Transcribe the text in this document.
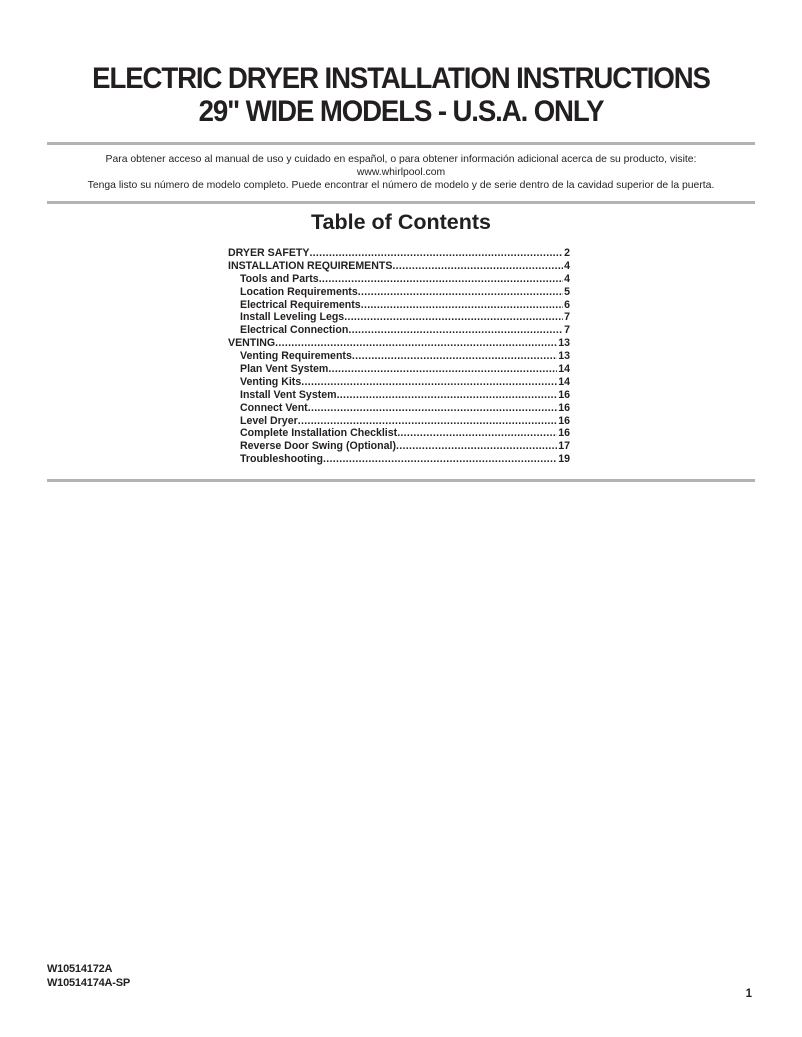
ELECTRIC DRYER INSTALLATION INSTRUCTIONS
29" WIDE MODELS - U.S.A. ONLY
Para obtener acceso al manual de uso y cuidado en español, o para obtener información adicional acerca de su producto, visite:
www.whirlpool.com
Tenga listo su número de modelo completo. Puede encontrar el número de modelo y de serie dentro de la cavidad superior de la puerta.
Table of Contents
DRYER SAFETY .....	2
INSTALLATION REQUIREMENTS .....	4
Tools and Parts .....	4
Location Requirements .....	5
Electrical Requirements .....	6
Install Leveling Legs .....	7
Electrical Connection .....	7
VENTING .....	13
Venting Requirements .....	13
Plan Vent System .....	14
Venting Kits .....	14
Install Vent System .....	16
Connect Vent .....	16
Level Dryer .....	16
Complete Installation Checklist .....	16
Reverse Door Swing (Optional) .....	17
Troubleshooting .....	19
W10514172A
W10514174A-SP
1
